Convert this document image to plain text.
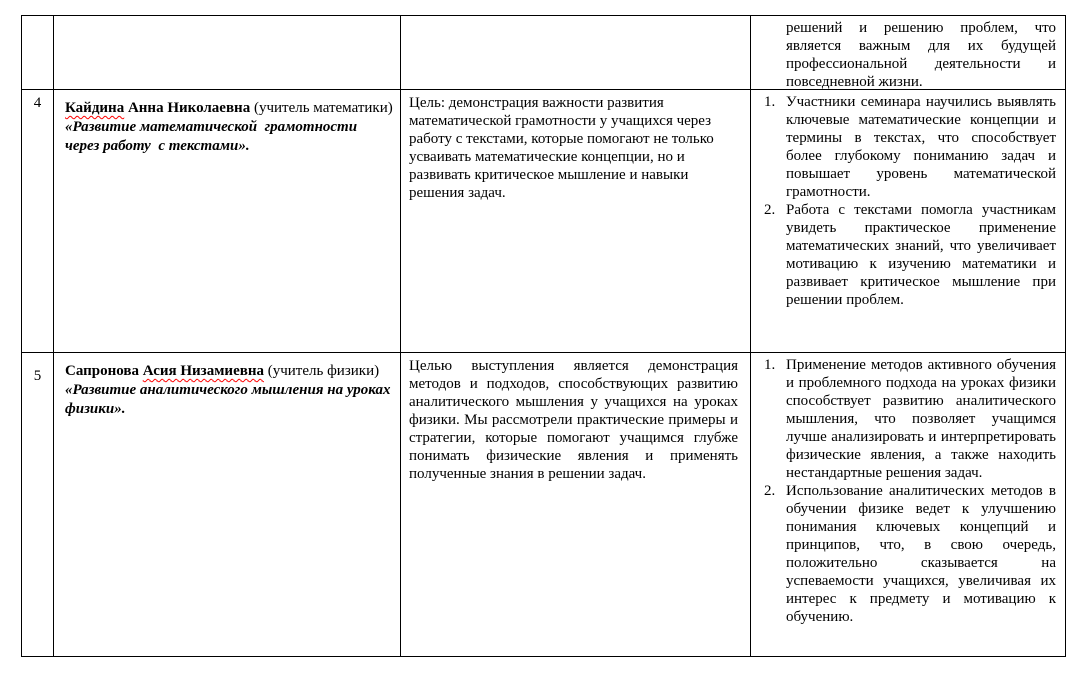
решений и решению проблем, что является важным для их будущей профессиональной деятельности и повседневной жизни.
4	Кайдина Анна Николаевна (учитель математики)
«Развитие математической  грамотности через работу  с текстами».
Цель: демонстрация важности развития математической грамотности у учащихся через работу с текстами, которые помогают не только усваивать математические концепции, но и развивать критическое мышление и навыки решения задач.
1. Участники семинара научились выявлять ключевые математические концепции и термины в текстах, что способствует более глубокому пониманию задач и повышает уровень математической грамотности.
2. Работа с текстами помогла участникам увидеть практическое применение математических знаний, что увеличивает мотивацию к изучению математики и развивает критическое мышление при решении проблем.
5	Сапронова Асия Низамиевна (учитель физики)
«Развитие аналитического мышления на уроках физики».
Целью выступления является демонстрация методов и подходов, способствующих развитию аналитического мышления у учащихся на уроках физики. Мы рассмотрели практические примеры и стратегии, которые помогают учащимся глубже понимать физические явления и применять полученные знания в решении задач.
1. Применение методов активного обучения и проблемного подхода на уроках физики способствует развитию аналитического мышления, что позволяет учащимся лучше анализировать и интерпретировать физические явления, а также находить нестандартные решения задач.
2. Использование аналитических методов в обучении физике ведет к улучшению понимания ключевых концепций и принципов, что, в свою очередь, положительно сказывается на успеваемости учащихся, увеличивая их интерес к предмету и мотивацию к обучению.
